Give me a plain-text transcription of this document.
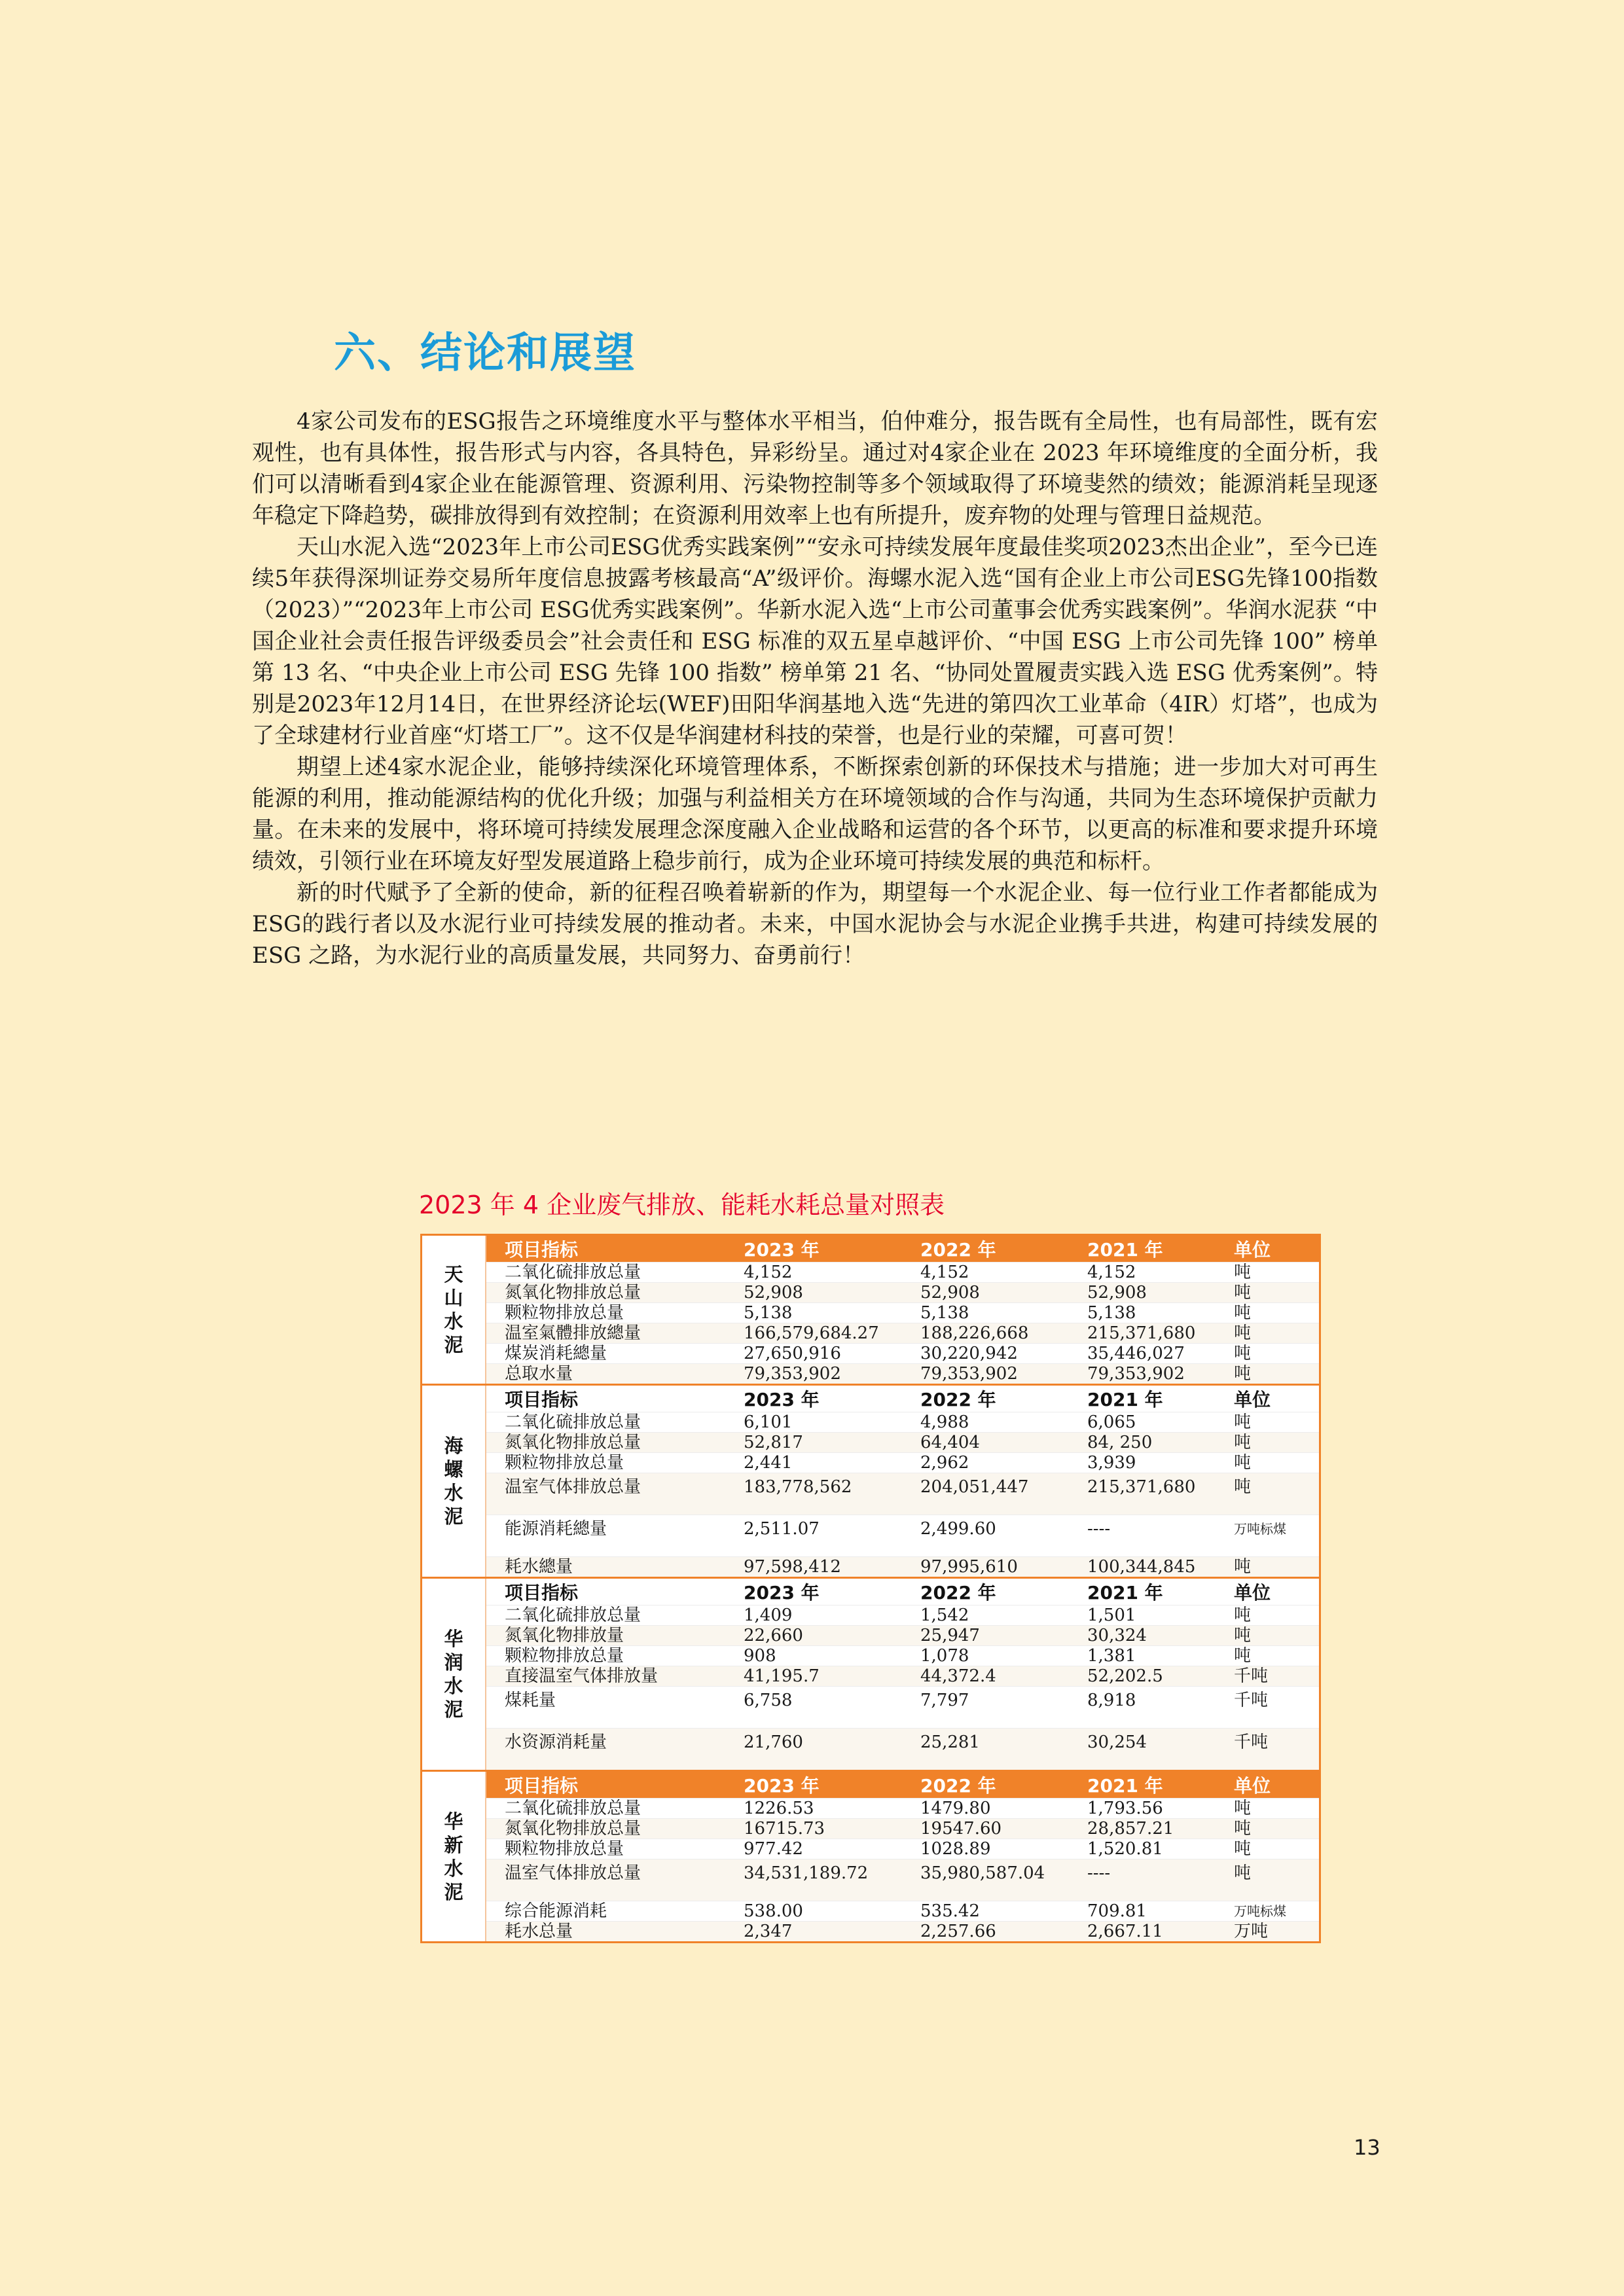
六、结论和展望

4家公司发布的ESG报告之环境维度水平与整体水平相当，伯仲难分，报告既有全局性，也有局部性，既有宏观性，也有具体性，报告形式与内容，各具特色，异彩纷呈。通过对4家企业在 2023 年环境维度的全面分析，我们可以清晰看到4家企业在能源管理、资源利用、污染物控制等多个领域取得了环境斐然的绩效；能源消耗呈现逐年稳定下降趋势，碳排放得到有效控制；在资源利用效率上也有所提升，废弃物的处理与管理日益规范。

天山水泥入选“2023年上市公司ESG优秀实践案例”“安永可持续发展年度最佳奖项2023杰出企业”，至今已连续5年获得深圳证券交易所年度信息披露考核最高“A”级评价。海螺水泥入选“国有企业上市公司ESG先锋100指数（2023）”“2023年上市公司 ESG优秀实践案例”。华新水泥入选“上市公司董事会优秀实践案例”。华润水泥获 “中国企业社会责任报告评级委员会”社会责任和 ESG 标准的双五星卓越评价、“中国 ESG 上市公司先锋 100” 榜单第 13 名、“中央企业上市公司 ESG 先锋 100 指数” 榜单第 21 名、“协同处置履责实践入选 ESG 优秀案例”。特别是2023年12月14日，在世界经济论坛(WEF)田阳华润基地入选“先进的第四次工业革命（4IR）灯塔”，也成为了全球建材行业首座“灯塔工厂”。这不仅是华润建材科技的荣誉，也是行业的荣耀，可喜可贺！

期望上述4家水泥企业，能够持续深化环境管理体系，不断探索创新的环保技术与措施；进一步加大对可再生能源的利用，推动能源结构的优化升级；加强与利益相关方在环境领域的合作与沟通，共同为生态环境保护贡献力量。在未来的发展中，将环境可持续发展理念深度融入企业战略和运营的各个环节，以更高的标准和要求提升环境绩效，引领行业在环境友好型发展道路上稳步前行，成为企业环境可持续发展的典范和标杆。

新的时代赋予了全新的使命，新的征程召唤着崭新的作为，期望每一个水泥企业、每一位行业工作者都能成为ESG的践行者以及水泥行业可持续发展的推动者。未来，中国水泥协会与水泥企业携手共进，构建可持续发展的 ESG 之路，为水泥行业的高质量发展，共同努力、奋勇前行！

2023 年 4 企业废气排放、能耗水耗总量对照表

天山水泥
项目指标	2023 年	2022 年	2021 年	单位
二氧化硫排放总量	4,152	4,152	4,152	吨
氮氧化物排放总量	52,908	52,908	52,908	吨
颗粒物排放总量	5,138	5,138	5,138	吨
温室氣體排放總量	166,579,684.27	188,226,668	215,371,680	吨
煤炭消耗總量	27,650,916	30,220,942	35,446,027	吨
总取水量	79,353,902	79,353,902	79,353,902	吨
海螺水泥
项目指标	2023 年	2022 年	2021 年	单位
二氧化硫排放总量	6,101	4,988	6,065	吨
氮氧化物排放总量	52,817	64,404	84, 250	吨
颗粒物排放总量	2,441	2,962	3,939	吨
温室气体排放总量	183,778,562	204,051,447	215,371,680	吨
能源消耗總量	2,511.07	2,499.60	----	万吨标煤
耗水總量	97,598,412	97,995,610	100,344,845	吨
华润水泥
项目指标	2023 年	2022 年	2021 年	单位
二氧化硫排放总量	1,409	1,542	1,501	吨
氮氧化物排放量	22,660	25,947	30,324	吨
颗粒物排放总量	908	1,078	1,381	吨
直接温室气体排放量	41,195.7	44,372.4	52,202.5	千吨
煤耗量	6,758	7,797	8,918	千吨
水资源消耗量	21,760	25,281	30,254	千吨
华新水泥
项目指标	2023 年	2022 年	2021 年	单位
二氧化硫排放总量	1226.53	1479.80	1,793.56	吨
氮氧化物排放总量	16715.73	19547.60	28,857.21	吨
颗粒物排放总量	977.42	1028.89	1,520.81	吨
温室气体排放总量	34,531,189.72	35,980,587.04	----	吨
综合能源消耗	538.00	535.42	709.81	万吨标煤
耗水总量	2,347	2,257.66	2,667.11	万吨

13
